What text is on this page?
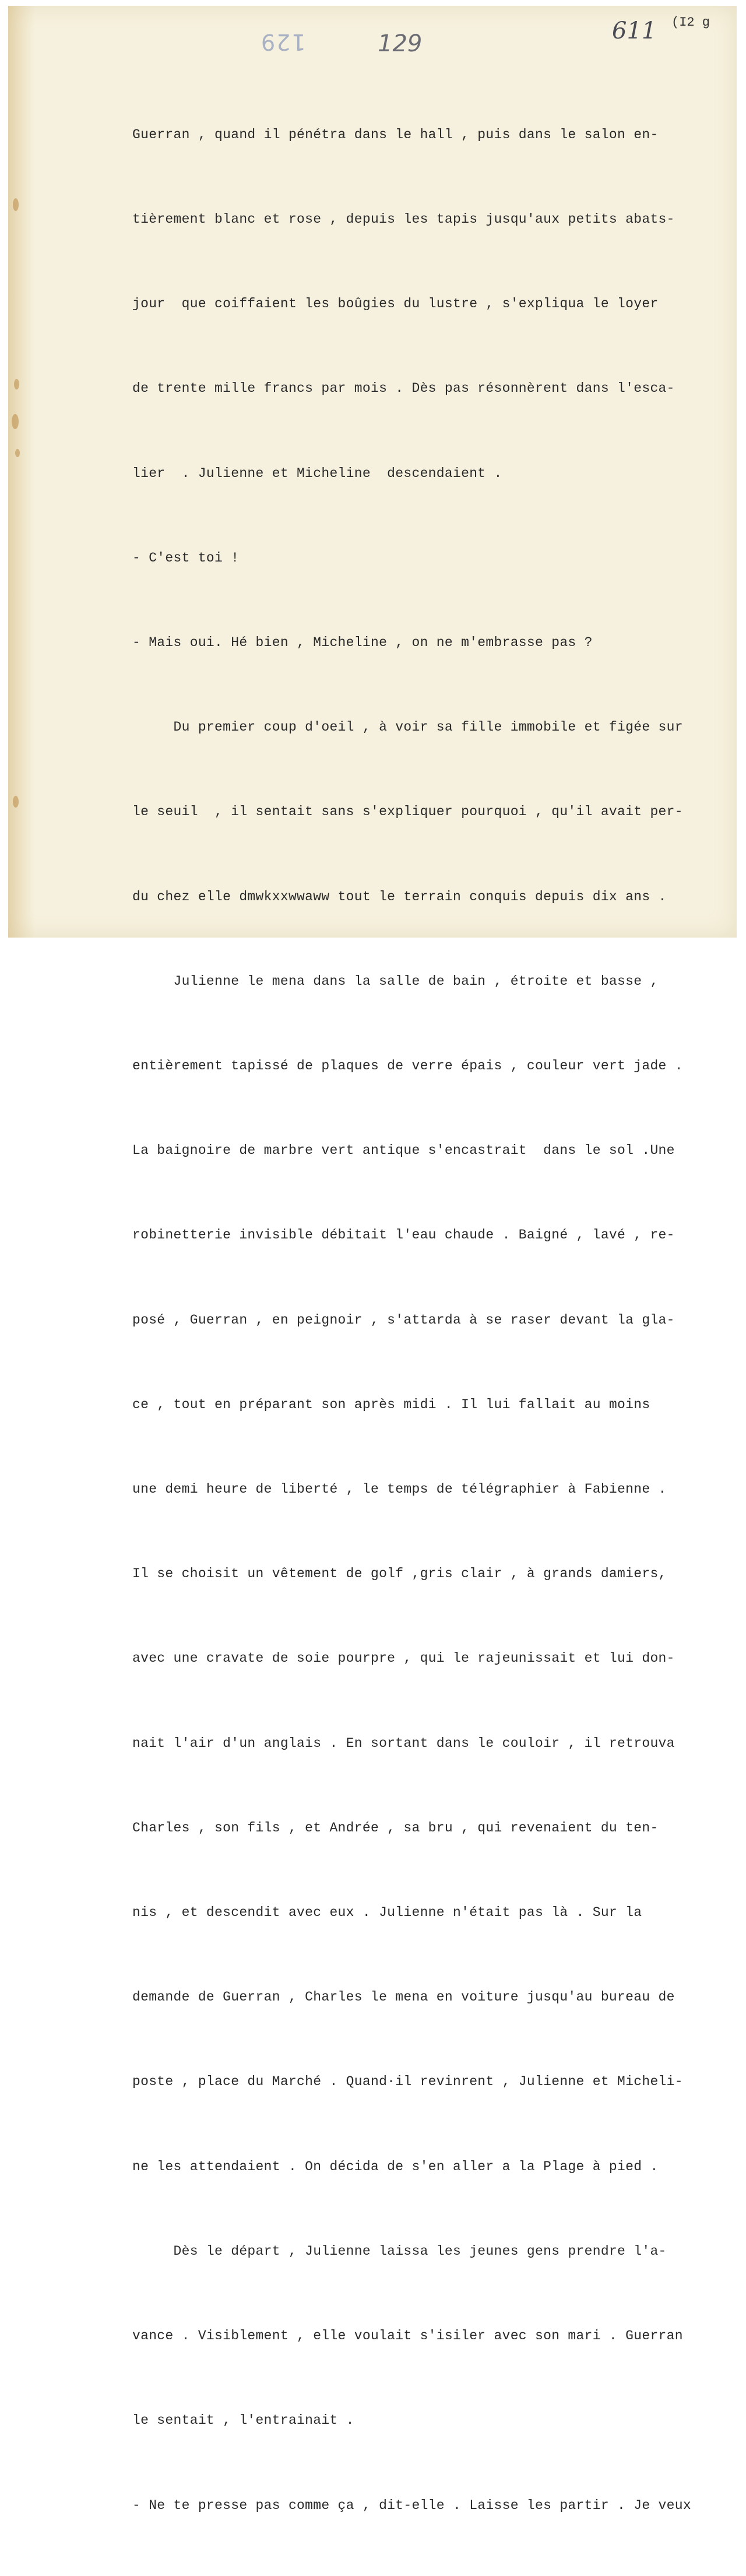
129	129	611 (I2 g

Guerran , quand il pénétra dans le hall , puis dans le salon en-

tièrement blanc et rose , depuis les tapis jusqu'aux petits abats-

jour  que coiffaient les boûgies du lustre , s'expliqua le loyer

de trente mille francs par mois . Dès pas résonnèrent dans l'esca-

lier  . Julienne et Micheline  descendaient .

- C'est toi !

- Mais oui. Hé bien , Micheline , on ne m'embrasse pas ?

Du premier coup d'oeil , à voir sa fille immobile et figée sur

le seuil  , il sentait sans s'expliquer pourquoi , qu'il avait per-

du chez elle dmwkxxwwaww tout le terrain conquis depuis dix ans .

Julienne le mena dans la salle de bain , étroite et basse ,

entièrement tapissé de plaques de verre épais , couleur vert jade .

La baignoire de marbre vert antique s'encastrait  dans le sol .Une

robinetterie invisible débitait l'eau chaude . Baigné , lavé , re-

posé , Guerran , en peignoir , s'attarda à se raser devant la gla-

ce , tout en préparant son après midi . Il lui fallait au moins

une demi heure de liberté , le temps de télégraphier à Fabienne .

Il se choisit un vêtement de golf ,gris clair , à grands damiers,

avec une cravate de soie pourpre , qui le rajeunissait et lui don-

nait l'air d'un anglais . En sortant dans le couloir , il retrouva

Charles , son fils , et Andrée , sa bru , qui revenaient du ten-

nis , et descendit avec eux . Julienne n'était pas là . Sur la

demande de Guerran , Charles le mena en voiture jusqu'au bureau de

poste , place du Marché . Quand·il revinrent , Julienne et Micheli-

ne les attendaient . On décida de s'en aller a la Plage à pied .

Dès le départ , Julienne laissa les jeunes gens prendre l'a-

vance . Visiblement , elle voulait s'isiler avec son mari . Guerran

le sentait , l'entrainait .

- Ne te presse pas comme ça , dit-elle . Laisse les partir . Je veux
